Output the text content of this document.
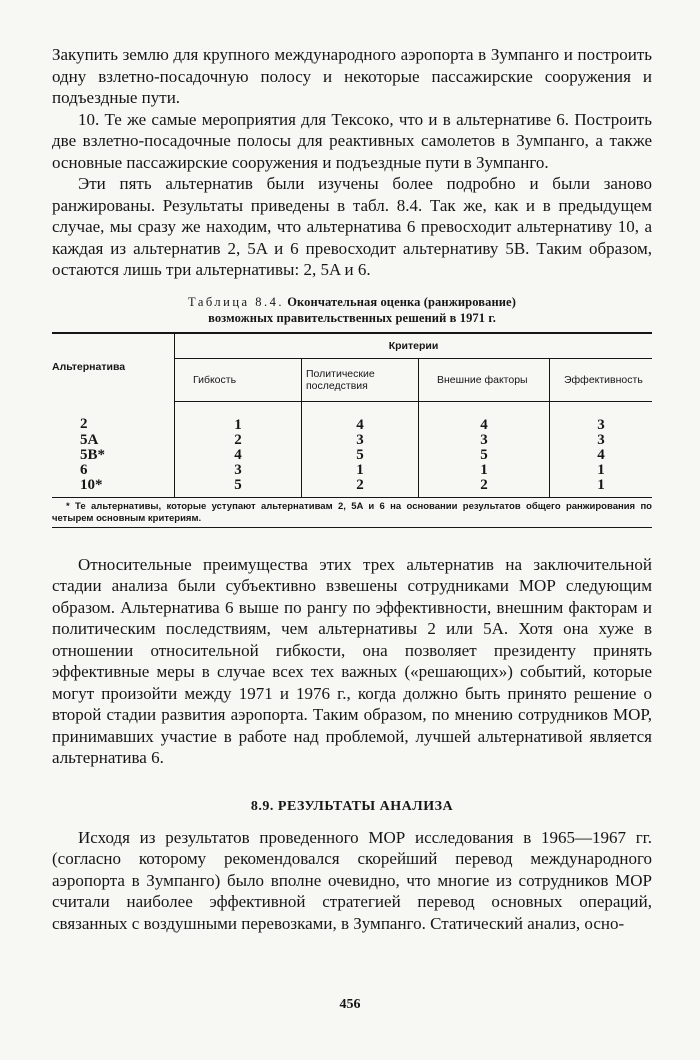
Закупить землю для крупного международного аэропорта в Зумпанго и построить одну взлетно-посадочную полосу и некоторые пассажирские сооружения и подъездные пути.

10. Те же самые мероприятия для Тексокo, что и в альтернативе 6. Построить две взлетно-посадочные полосы для реактивных самолетов в Зумпанго, а также основные пассажирские сооружения и подъездные пути в Зумпанго.

Эти пять альтернатив были изучены более подробно и были заново ранжированы. Результаты приведены в табл. 8.4. Так же, как и в предыдущем случае, мы сразу же находим, что альтернатива 6 превосходит альтернативу 10, а каждая из альтернатив 2, 5A и 6 превосходит альтернативу 5B. Таким образом, остаются лишь три альтернативы: 2, 5A и 6.

Таблица 8.4. Окончательная оценка (ранжирование)
возможных правительственных решений в 1971 г.
Альтернатива	Критерии			
	Гибкость	Политические последствия	Внешние факторы	Эффективность
2	1	4	4	3
5A	2	3	3	3
5B*	4	5	5	4
6	3	1	1	1
10*	5	2	2	1
* Те альтернативы, которые уступают альтернативам 2, 5A и 6 на основании результатов общего ранжирования по четырем основным критериям.

Относительные преимущества этих трех альтернатив на заключительной стадии анализа были субъективно взвешены сотрудниками МОР следующим образом. Альтернатива 6 выше по рангу по эффективности, внешним факторам и политическим последствиям, чем альтернативы 2 или 5A. Хотя она хуже в отношении относительной гибкости, она позволяет президенту принять эффективные меры в случае всех тех важных («решающих») событий, которые могут произойти между 1971 и 1976 г., когда должно быть принято решение о второй стадии развития аэропорта. Таким образом, по мнению сотрудников МОР, принимавших участие в работе над проблемой, лучшей альтернативой является альтернатива 6.

8.9. РЕЗУЛЬТАТЫ АНАЛИЗА

Исходя из результатов проведенного МОР исследования в 1965—1967 гг. (согласно которому рекомендовался скорейший перевод международного аэропорта в Зумпанго) было вполне очевидно, что многие из сотрудников МОР считали наиболее эффективной стратегией перевод основных операций, связанных с воздушными перевозками, в Зумпанго. Статический анализ, осно-

456
